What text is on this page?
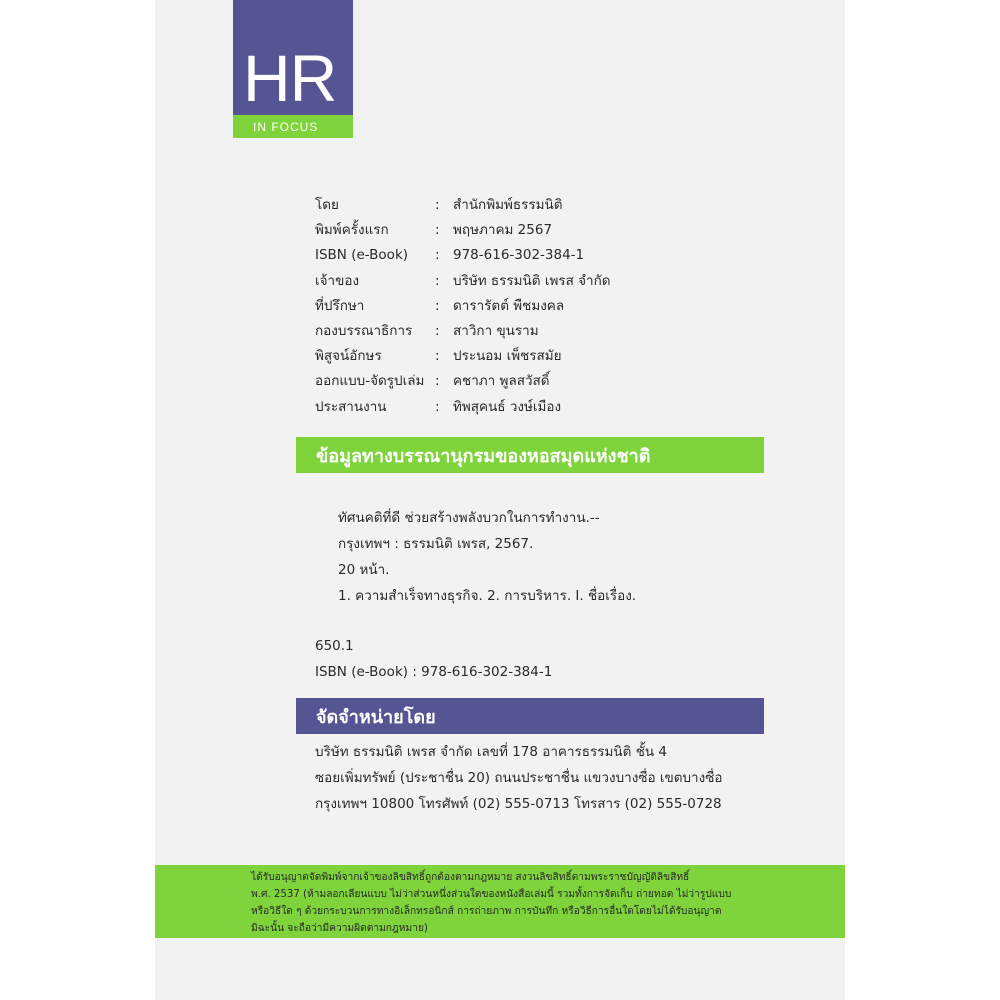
HR
IN FOCUS
โดย	: สำนักพิมพ์ธรรมนิติ
พิมพ์ครั้งแรก	: พฤษภาคม 2567
ISBN (e-Book)	: 978-616-302-384-1
เจ้าของ	: บริษัท ธรรมนิติ เพรส จำกัด
ที่ปรึกษา	: ดารารัตต์ พืชมงคล
กองบรรณาธิการ	: สาวิกา ขุนราม
พิสูจน์อักษร	: ประนอม เพ็ชรสมัย
ออกแบบ-จัดรูปเล่ม : คชาภา พูลสวัสดิ์
ประสานงาน	: ทิพสุคนธ์ วงษ์เมือง
ข้อมูลทางบรรณานุกรมของหอสมุดแห่งชาติ
ทัศนคติที่ดี ช่วยสร้างพลังบวกในการทำงาน.--
กรุงเทพฯ : ธรรมนิติ เพรส, 2567.
20 หน้า.
1. ความสำเร็จทางธุรกิจ. 2. การบริหาร. I. ชื่อเรื่อง.
650.1
ISBN (e-Book) : 978-616-302-384-1
จัดจำหน่ายโดย
บริษัท ธรรมนิติ เพรส จำกัด เลขที่ 178 อาคารธรรมนิติ ชั้น 4
ซอยเพิ่มทรัพย์ (ประชาชื่น 20) ถนนประชาชื่น แขวงบางซื่อ เขตบางซื่อ
กรุงเทพฯ 10800 โทรศัพท์ (02) 555-0713 โทรสาร (02) 555-0728
ได้รับอนุญาตจัดพิมพ์จากเจ้าของลิขสิทธิ์ถูกต้องตามกฎหมาย สงวนลิขสิทธิ์ตามพระราชบัญญัติลิขสิทธิ์
พ.ศ. 2537 (ห้ามลอกเลียนแบบ ไม่ว่าส่วนหนึ่งส่วนใดของหนังสือเล่มนี้ รวมทั้งการจัดเก็บ ถ่ายทอด ไม่ว่ารูปแบบ
หรือวิธีใด ๆ ด้วยกระบวนการทางอิเล็กทรอนิกส์ การถ่ายภาพ การบันทึก หรือวิธีการอื่นใดโดยไม่ได้รับอนุญาต
มิฉะนั้น จะถือว่ามีความผิดตามกฎหมาย)
